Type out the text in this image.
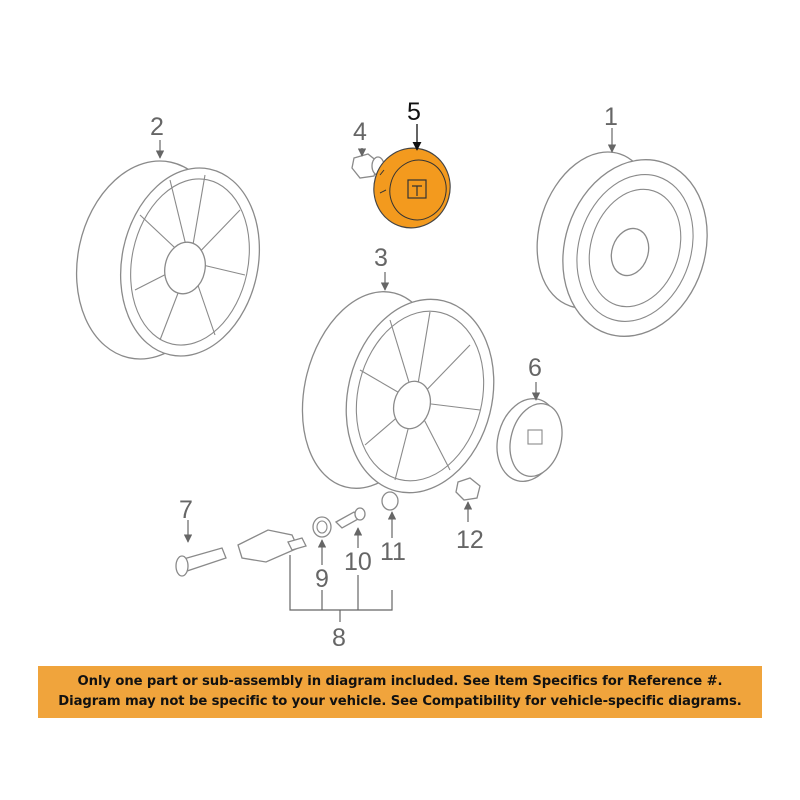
2	4
5	1
3
6
7
12
9
10 11
8
Only one part or sub-assembly in diagram included. See Item Specifics for Reference #.
Diagram may not be specific to your vehicle. See Compatibility for vehicle-specific diagrams.
